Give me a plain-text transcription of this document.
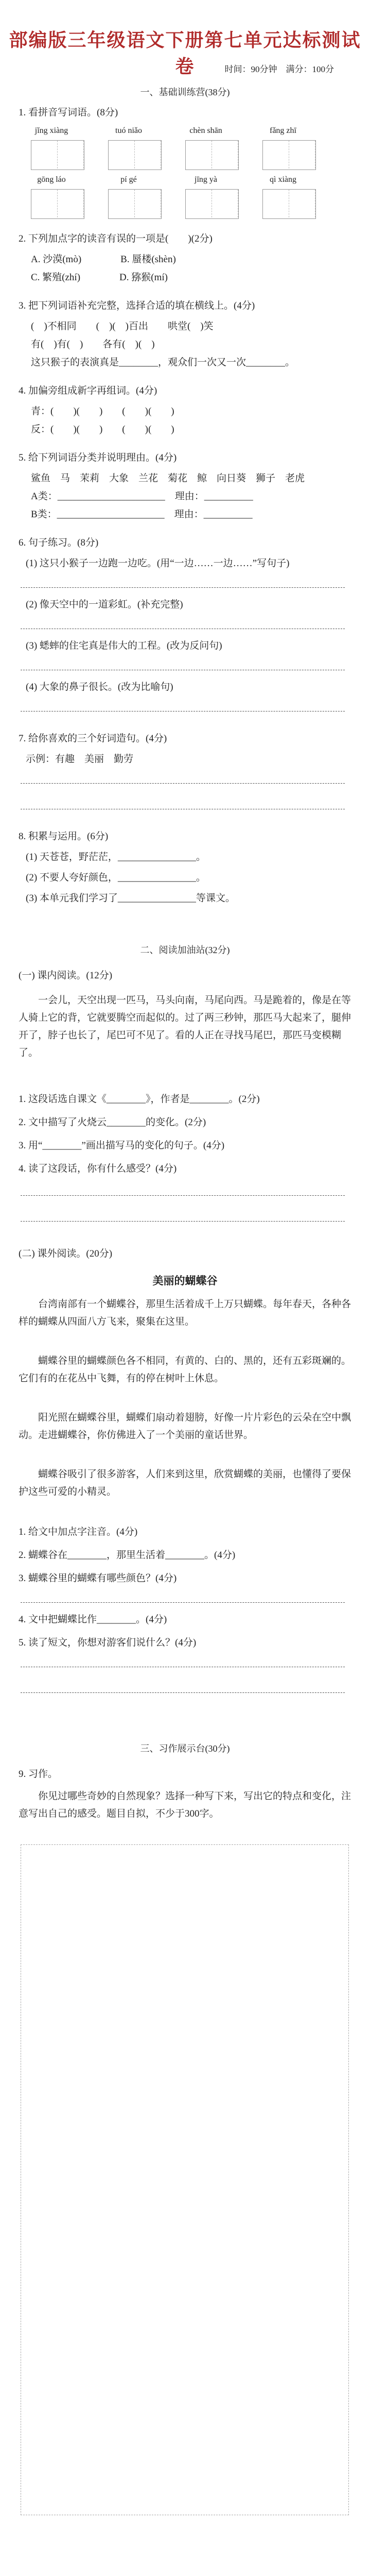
部编版三年级语文下册第七单元达标测试卷	时间：90分钟　满分：100分
一、基础训练营(38分)
1. 看拼音写词语。(8分)
jǐng xiàng	tuó niǎo	chèn shān	fǎng zhī
gōng láo	pí gé	jīng yà	qì xiàng
2. 下列加点字的读音有误的一项是(　　)(2分)
A. 沙漠(mò)　　　　B. 蜃楼(shèn)
C. 繁殖(zhí)　　　　D. 猕猴(mí)
3. 把下列词语补充完整，选择合适的填在横线上。(4分)
(　)不相同　　(　)(　)百出　　哄堂(　)笑
有(　)有(　)　　各有(　)(　)
这只猴子的表演真是________，观众们一次又一次________。
4. 加偏旁组成新字再组词。(4分)
青：(　　)(　　)　　(　　)(　　)
反：(　　)(　　)　　(　　)(　　)
5. 给下列词语分类并说明理由。(4分)
鲨鱼　马　茉莉　大象　兰花　菊花　鲸　向日葵　狮子　老虎
A类：______________________　理由：__________
B类：______________________　理由：__________
6. 句子练习。(8分)
(1) 这只小猴子一边跑一边吃。(用“一边……一边……”写句子)
(2) 像天空中的一道彩虹。(补充完整)
(3) 蟋蟀的住宅真是伟大的工程。(改为反问句)
(4) 大象的鼻子很长。(改为比喻句)
7. 给你喜欢的三个好词造句。(4分)
示例：有趣　美丽　勤劳
8. 积累与运用。(6分)
(1) 天苍苍，野茫茫，________________。
(2) 不要人夸好颜色，________________。
(3) 本单元我们学习了________________等课文。
二、阅读加油站(32分)
(一) 课内阅读。(12分)
一会儿，天空出现一匹马，马头向南，马尾向西。马是跪着的，像是在等人骑上它的背，它就要腾空而起似的。过了两三秒钟，那匹马大起来了，腿伸开了，脖子也长了，尾巴可不见了。看的人正在寻找马尾巴，那匹马变模糊了。
1. 这段话选自课文《________》，作者是________。(2分)
2. 文中描写了火烧云________的变化。(2分)
3. 用“________”画出描写马的变化的句子。(4分)
4. 读了这段话，你有什么感受？(4分)
(二) 课外阅读。(20分)
美丽的蝴蝶谷
台湾南部有一个蝴蝶谷，那里生活着成千上万只蝴蝶。每年春天，各种各样的蝴蝶从四面八方飞来，聚集在这里。
蝴蝶谷里的蝴蝶颜色各不相同，有黄的、白的、黑的，还有五彩斑斓的。它们有的在花丛中飞舞，有的停在树叶上休息。
阳光照在蝴蝶谷里，蝴蝶们扇动着翅膀，好像一片片彩色的云朵在空中飘动。走进蝴蝶谷，你仿佛进入了一个美丽的童话世界。
蝴蝶谷吸引了很多游客，人们来到这里，欣赏蝴蝶的美丽，也懂得了要保护这些可爱的小精灵。
1. 给文中加点字注音。(4分)
2. 蝴蝶谷在________，那里生活着________。(4分)
3. 蝴蝶谷里的蝴蝶有哪些颜色？(4分)
4. 文中把蝴蝶比作________。(4分)
5. 读了短文，你想对游客们说什么？(4分)
三、习作展示台(30分)
9. 习作。
你见过哪些奇妙的自然现象？选择一种写下来，写出它的特点和变化，注意写出自己的感受。题目自拟，不少于300字。
